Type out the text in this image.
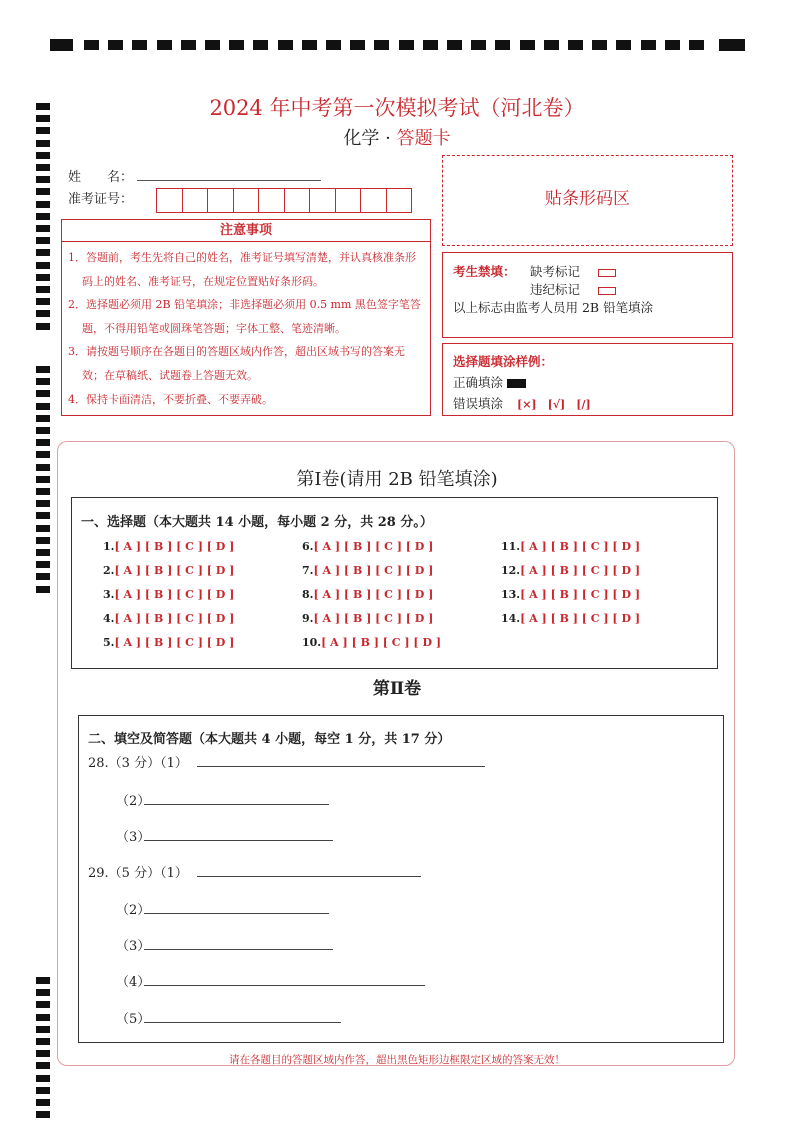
2024 年中考第一次模拟考试（河北卷）
化学 · 答题卡
姓　　名：
准考证号：
注意事项

1．答题前，考生先将自己的姓名，准考证号填写清楚，并认真核准条形码上的姓名、准考证号，在规定位置贴好条形码。

2．选择题必须用 2B 铅笔填涂；非选择题必须用 0.5 mm 黑色签字笔答题，不得用铅笔或圆珠笔答题；字体工整、笔迹清晰。

3．请按题号顺序在各题目的答题区域内作答，超出区域书写的答案无效；在草稿纸、试题卷上答题无效。

4．保持卡面清洁，不要折叠、不要弄破。

贴条形码区
考生禁填： 缺考标记
违纪标记
以上标志由监考人员用 2B 铅笔填涂
选择题填涂样例：
正确填涂
错误填涂 [×]　[√]　[/]
第Ⅰ卷(请用 2B 铅笔填涂)
一、选择题（本大题共 14 小题，每小题 2 分，共 28 分。）
1.[ A ] [ B ] [ C ] [ D ]
2.[ A ] [ B ] [ C ] [ D ]
3.[ A ] [ B ] [ C ] [ D ]
4.[ A ] [ B ] [ C ] [ D ]
5.[ A ] [ B ] [ C ] [ D ]
6.[ A ] [ B ] [ C ] [ D ]
7.[ A ] [ B ] [ C ] [ D ]
8.[ A ] [ B ] [ C ] [ D ]
9.[ A ] [ B ] [ C ] [ D ]
10.[ A ] [ B ] [ C ] [ D ]
11.[ A ] [ B ] [ C ] [ D ]
12.[ A ] [ B ] [ C ] [ D ]
13.[ A ] [ B ] [ C ] [ D ]
14.[ A ] [ B ] [ C ] [ D ]
第Ⅱ卷
二、填空及简答题（本大题共 4 小题，每空 1 分，共 17 分）
28.（3 分）（1）
（2）
（3）
29.（5 分）（1）
（2）
（3）
（4）
（5）
请在各题目的答题区域内作答，超出黑色矩形边框限定区域的答案无效！
